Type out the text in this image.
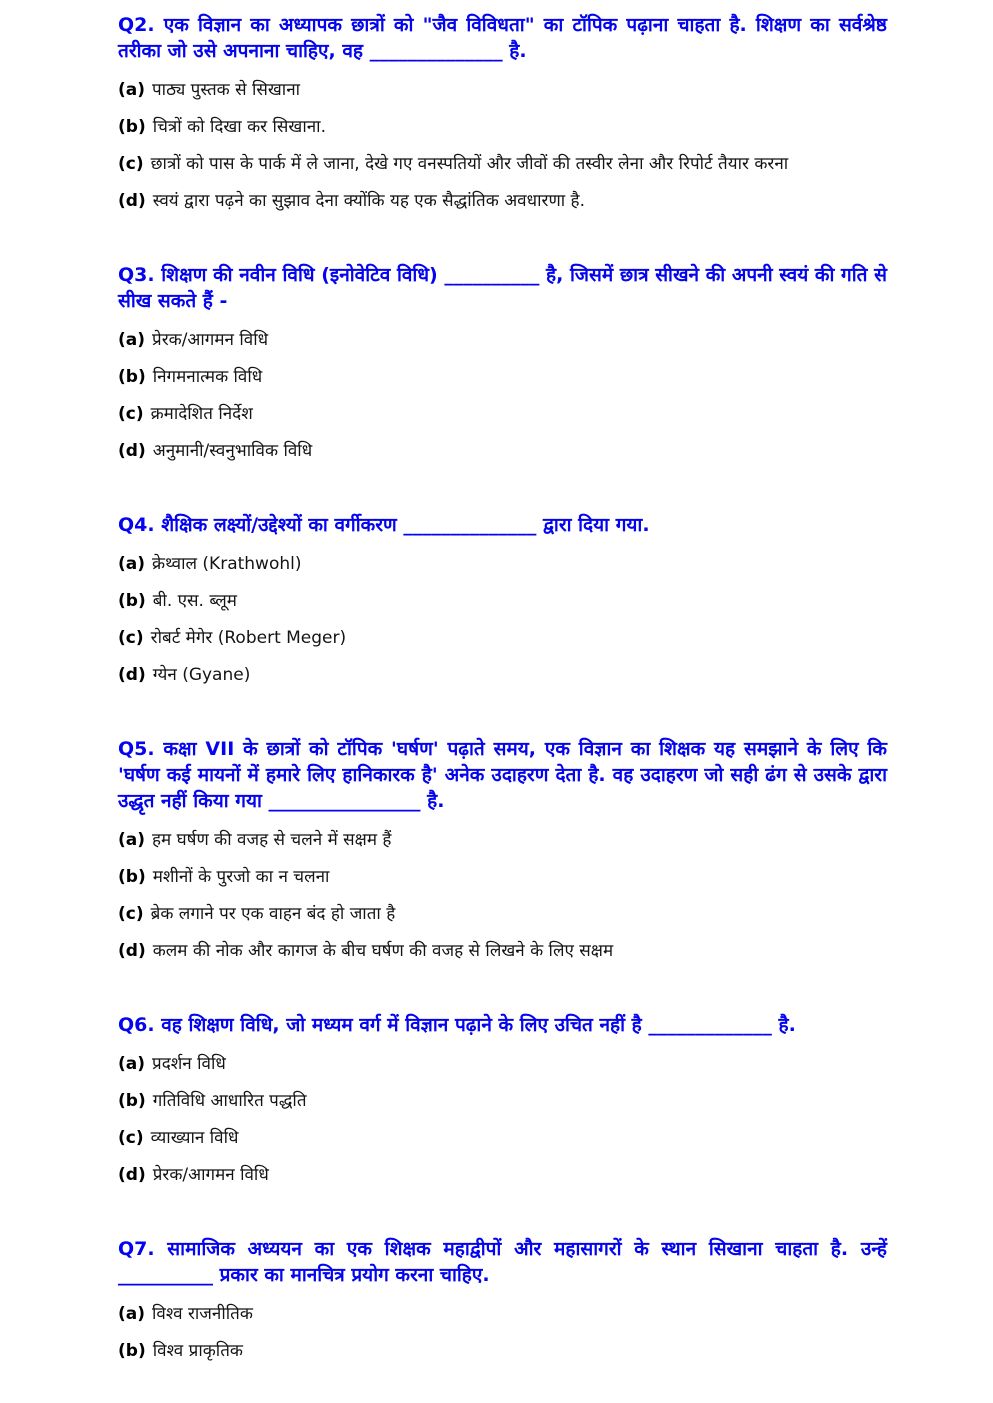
Q2. एक विज्ञान का अध्यापक छात्रों को "जैव विविधता" का टॉपिक पढ़ाना चाहता है. शिक्षण का सर्वश्रेष्ठ तरीका जो उसे अपनाना चाहिए, वह ______________ है.

(a) पाठ्य पुस्तक से सिखाना
(b) चित्रों को दिखा कर सिखाना.
(c) छात्रों को पास के पार्क में ले जाना, देखे गए वनस्पतियों और जीवों की तस्वीर लेना और रिपोर्ट तैयार करना
(d) स्वयं द्वारा पढ़ने का सुझाव देना क्योंकि यह एक सैद्धांतिक अवधारणा है.

Q3. शिक्षण की नवीन विधि (इनोवेटिव विधि) __________ है, जिसमें छात्र सीखने की अपनी स्वयं की गति से सीख सकते हैं -

(a) प्रेरक/आगमन विधि
(b) निगमनात्मक विधि
(c) क्रमादेशित निर्देश
(d) अनुमानी/स्वनुभाविक विधि

Q4. शैक्षिक लक्ष्यों/उद्देश्यों का वर्गीकरण ______________ द्वारा दिया गया.

(a) क्रेथ्वाल (Krathwohl)
(b) बी. एस. ब्लूम
(c) रोबर्ट मेगेर (Robert Meger)
(d) ग्येन (Gyane)

Q5. कक्षा VII के छात्रों को टॉपिक 'घर्षण' पढ़ाते समय, एक विज्ञान का शिक्षक यह समझाने के लिए कि 'घर्षण कई मायनों में हमारे लिए हानिकारक है' अनेक उदाहरण देता है. वह उदाहरण जो सही ढंग से उसके द्वारा उद्धृत नहीं किया गया ________________ है.

(a) हम घर्षण की वजह से चलने में सक्षम हैं
(b) मशीनों के पुरजो का न चलना
(c) ब्रेक लगाने पर एक वाहन बंद हो जाता है
(d) कलम की नोक और कागज के बीच घर्षण की वजह से लिखने के लिए सक्षम

Q6. वह शिक्षण विधि, जो मध्यम वर्ग में विज्ञान पढ़ाने के लिए उचित नहीं है _____________ है.

(a) प्रदर्शन विधि
(b) गतिविधि आधारित पद्धति
(c) व्याख्यान विधि
(d) प्रेरक/आगमन विधि

Q7. सामाजिक अध्ययन का एक शिक्षक महाद्वीपों और महासागरों के स्थान सिखाना चाहता है. उन्हें __________ प्रकार का मानचित्र प्रयोग करना चाहिए.

(a) विश्व राजनीतिक
(b) विश्व प्राकृतिक
